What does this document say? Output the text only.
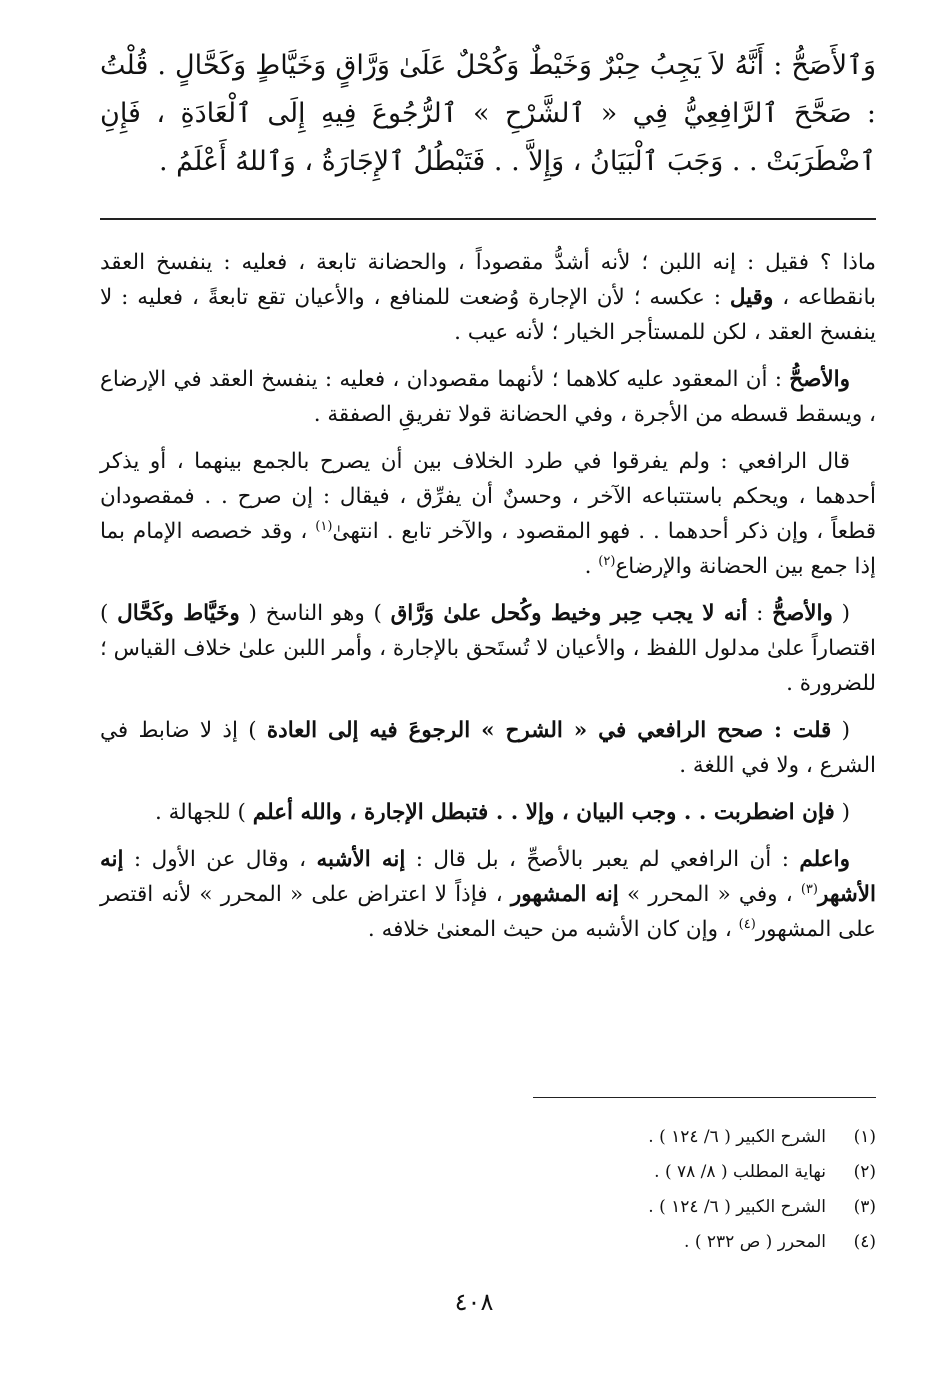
وَٱلأَصَحُّ : أَنَّهُ لاَ يَجِبُ حِبْرٌ وَخَيْطٌ وَكُحْلٌ عَلَىٰ وَرَّاقٍ وَخَيَّاطٍ وَكَحَّالٍ . قُلْتُ : صَحَّحَ ٱلرَّافِعِيُّ فِي « ٱلشَّرْحِ » ٱلرُّجُوعَ فِيهِ إِلَى ٱلْعَادَةِ ، فَإِنِ ٱضْطَرَبَتْ . . وَجَبَ ٱلْبَيَانُ ، وَإِلاَّ . . فَتَبْطُلُ ٱلإِجَارَةُ ، وَٱللهُ أَعْلَمُ .

ماذا ؟ فقيل : إنه اللبن ؛ لأنه أشدُّ مقصوداً ، والحضانة تابعة ، فعليه : ينفسخ العقد بانقطاعه ، وقيل : عكسه ؛ لأن الإجارة وُضعت للمنافع ، والأعيان تقع تابعةً ، فعليه : لا ينفسخ العقد ، لكن للمستأجر الخيار ؛ لأنه عيب .

والأصحُّ : أن المعقود عليه كلاهما ؛ لأنهما مقصودان ، فعليه : ينفسخ العقد في الإرضاع ، ويسقط قسطه من الأجرة ، وفي الحضانة قولا تفريقِ الصفقة .

قال الرافعي : ولم يفرقوا في طرد الخلاف بين أن يصرح بالجمع بينهما ، أو يذكر أحدهما ، ويحكم باستتباعه الآخر ، وحسنٌ أن يفرِّق ، فيقال : إن صرح . . فمقصودان قطعاً ، وإن ذكر أحدهما . . فهو المقصود ، والآخر تابع . انتهىٰ$^{(١)}$ ، وقد خصصه الإمام بما إذا جمع بين الحضانة والإرضاع$^{(٢)}$ .

( والأصحُّ : أنه لا يجب حِبر وخيط وكُحل علىٰ وَرَّاق ) وهو الناسخ ( وخَيَّاط وكَحَّال ) اقتصاراً علىٰ مدلول اللفظ ، والأعيان لا تُستَحق بالإجارة ، وأمر اللبن علىٰ خلاف القياس ؛ للضرورة .

( قلت : صحح الرافعي في « الشرح » الرجوعَ فيه إلى العادة ) إذ لا ضابط في الشرع ، ولا في اللغة .

( فإن اضطربت . . وجب البيان ، وإلا . . فتبطل الإجارة ، والله أعلم ) للجهالة .

واعلم : أن الرافعي لم يعبر بالأصحِّ ، بل قال : إنه الأشبه ، وقال عن الأول : إنه الأشهر$^{(٣)}$ ، وفي « المحرر » إنه المشهور ، فإذاً لا اعتراض على « المحرر » لأنه اقتصر على المشهور$^{(٤)}$ ، وإن كان الأشبه من حيث المعنىٰ خلافه .

(١)
الشرح الكبير ( ٦/ ١٢٤ ) .
(٢)
نهاية المطلب ( ٨/ ٧٨ ) .
(٣)
الشرح الكبير ( ٦/ ١٢٤ ) .
(٤)
المحرر ( ص ٢٣٢ ) .
٤٠٨
